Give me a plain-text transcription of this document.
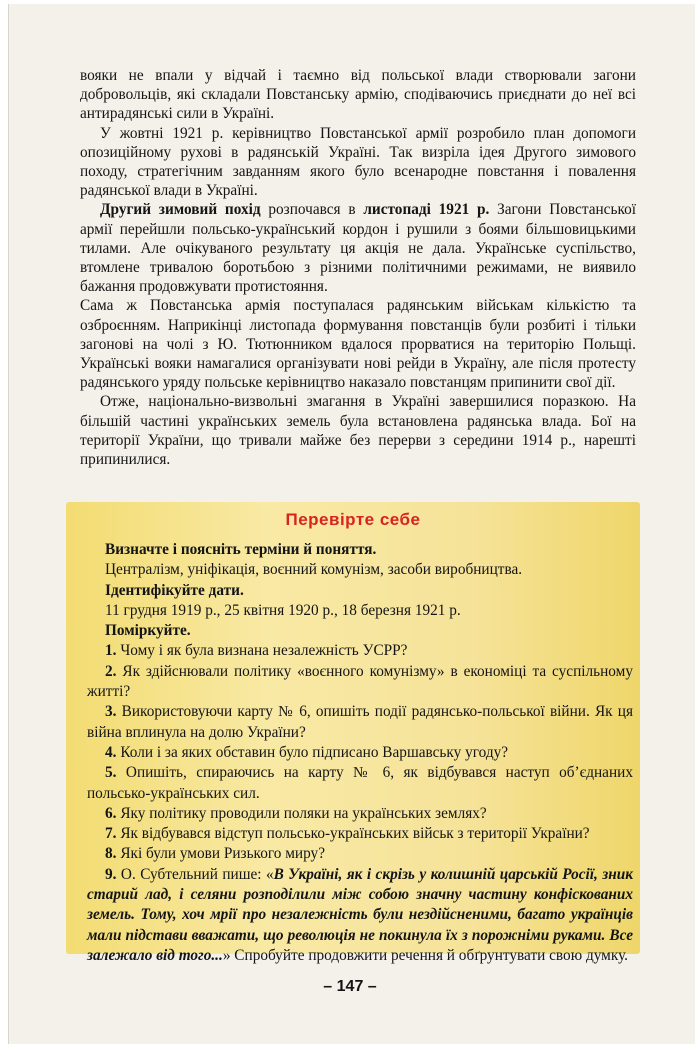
вояки не впали у відчай і таємно від польської влади створювали загони добровольців, які складали Повстанську армію, сподіваючись приєднати до неї всі антирадянські сили в Україні.

У жовтні 1921 р. керівництво Повстанської армії розробило план допомоги опозиційному рухові в радянській Україні. Так визріла ідея Другого зимового походу, стратегічним завданням якого було всенародне повстання і повалення радянської влади в Україні.

Другий зимовий похід розпочався в листопаді 1921 р. Загони Повстанської армії перейшли польсько-український кордон і рушили з боями більшовицькими тилами. Але очікуваного результату ця акція не дала. Українське суспільство, втомлене тривалою боротьбою з різними політичними режимами, не виявило бажання продовжувати протистояння.

Сама ж Повстанська армія поступалася радянським військам кількістю та озброєнням. Наприкінці листопада формування повстанців були розбиті і тільки загонові на чолі з Ю. Тютюнником вдалося прорватися на територію Польщі. Українські вояки намагалися організувати нові рейди в Україну, але після протесту радянського уряду польське керівництво наказало повстанцям припинити свої дії.

Отже, національно-визвольні змагання в Україні завершилися поразкою. На більшій частині українських земель була встановлена радянська влада. Бої на території України, що тривали майже без перерви з середини 1914 р., нарешті припинилися.

Перевірте себе

Визначте і поясніть терміни й поняття.

Централізм, уніфікація, воєнний комунізм, засоби виробництва.

Ідентифікуйте дати.

11 грудня 1919 р., 25 квітня 1920 р., 18 березня 1921 р.

Поміркуйте.

1. Чому і як була визнана незалежність УСРР?

2. Як здійснювали політику «воєнного комунізму» в економіці та суспільному житті?

3. Використовуючи карту № 6, опишіть події радянсько-польської війни. Як ця війна вплинула на долю України?

4. Коли і за яких обставин було підписано Варшавську угоду?

5. Опишіть, спираючись на карту № 6, як відбувався наступ об’єднаних польсько-українських сил.

6. Яку політику проводили поляки на українських землях?

7. Як відбувався відступ польсько-українських військ з території України?

8. Які були умови Ризького миру?

9. О. Субтельний пише: «В Україні, як і скрізь у колишній царській Росії, зник старий лад, і селяни розподілили між собою значну частину конфіскованих земель. Тому, хоч мрії про незалежність були нездійсненими, багато українців мали підстави вважати, що революція не покинула їх з порожніми руками. Все залежало від того...» Спробуйте продовжити речення й обґрунтувати свою думку.

– 147 –
